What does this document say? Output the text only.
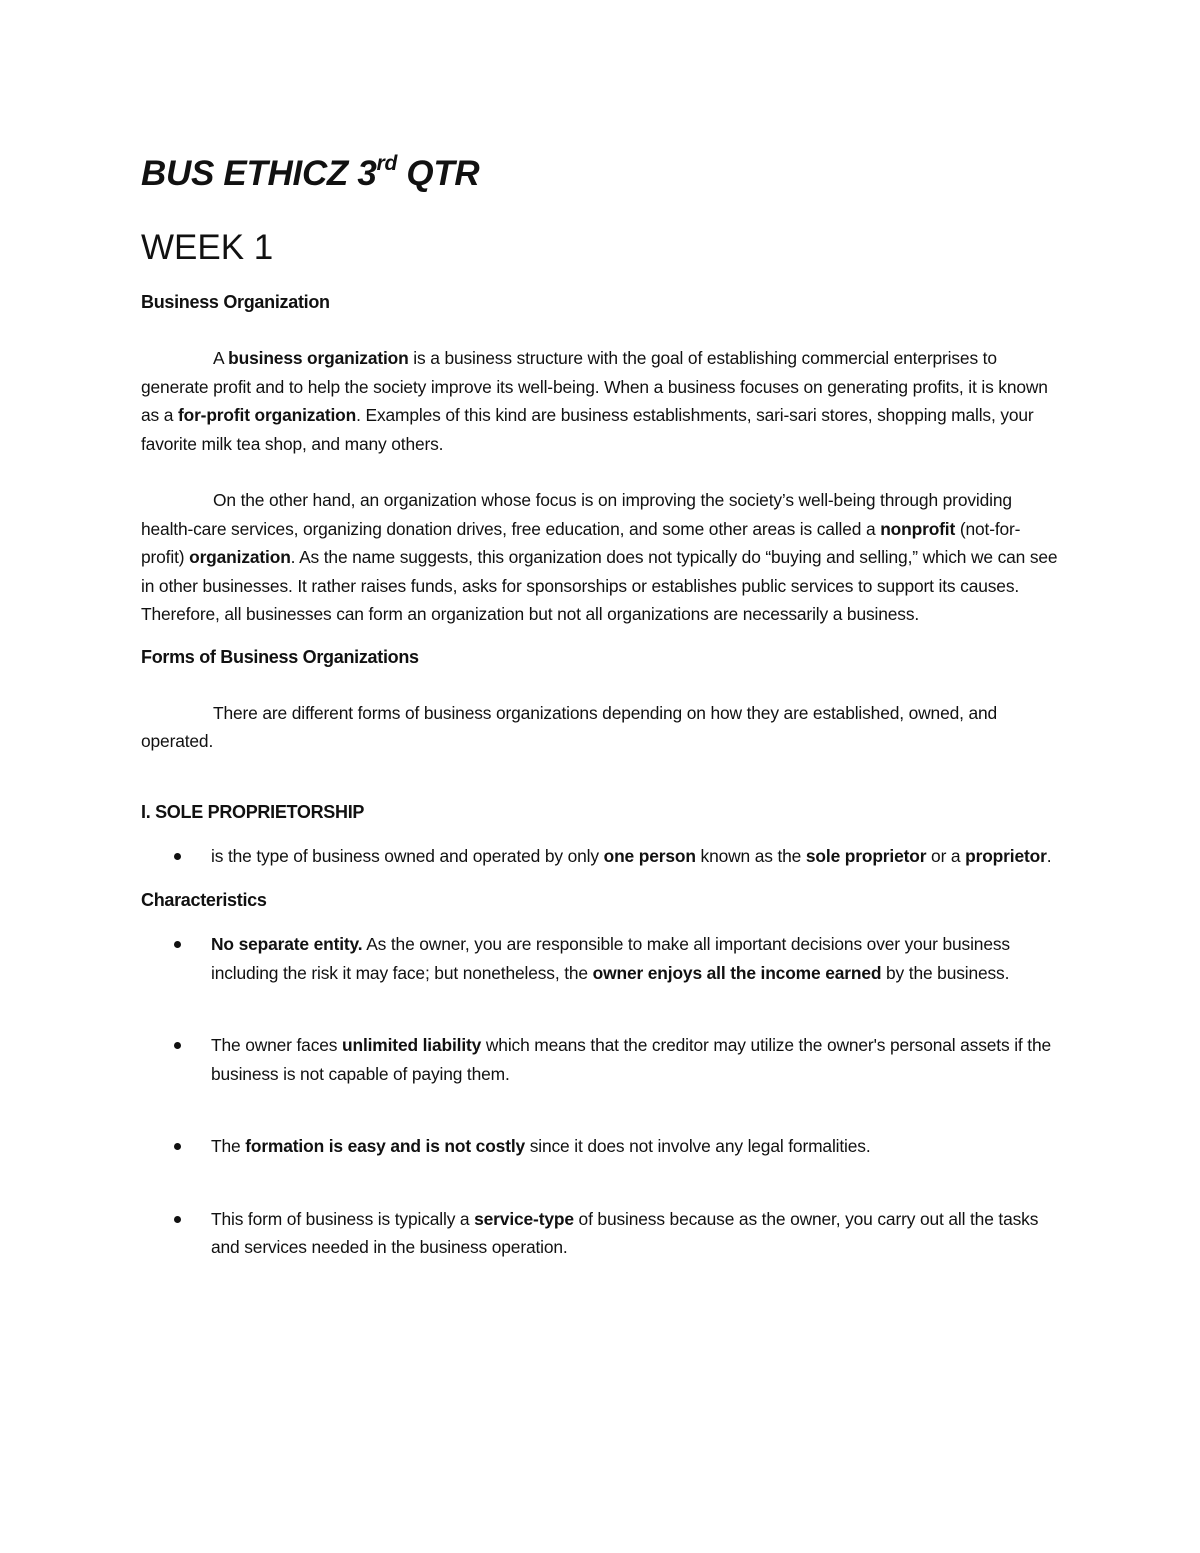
BUS ETHICZ 3rd QTR
WEEK 1
Business Organization

A business organization is a business structure with the goal of establishing commercial enterprises to generate profit and to help the society improve its well-being. When a business focuses on generating profits, it is known as a for-profit organization. Examples of this kind are business establishments, sari-sari stores, shopping malls, your favorite milk tea shop, and many others.

On the other hand, an organization whose focus is on improving the society’s well-being through providing health-care services, organizing donation drives, free education, and some other areas is called a nonprofit (not-for-profit) organization. As the name suggests, this organization does not typically do “buying and selling,” which we can see in other businesses. It rather raises funds, asks for sponsorships or establishes public services to support its causes. Therefore, all businesses can form an organization but not all organizations are necessarily a business.

Forms of Business Organizations

There are different forms of business organizations depending on how they are established, owned, and operated.

I. SOLE PROPRIETORSHIP
is the type of business owned and operated by only one person known as the sole proprietor or a proprietor.
Characteristics
No separate entity. As the owner, you are responsible to make all important decisions over your business including the risk it may face; but nonetheless, the owner enjoys all the income earned by the business.
The owner faces unlimited liability which means that the creditor may utilize the owner's personal assets if the business is not capable of paying them.
The formation is easy and is not costly since it does not involve any legal formalities.
This form of business is typically a service-type of business because as the owner, you carry out all the tasks and services needed in the business operation.
